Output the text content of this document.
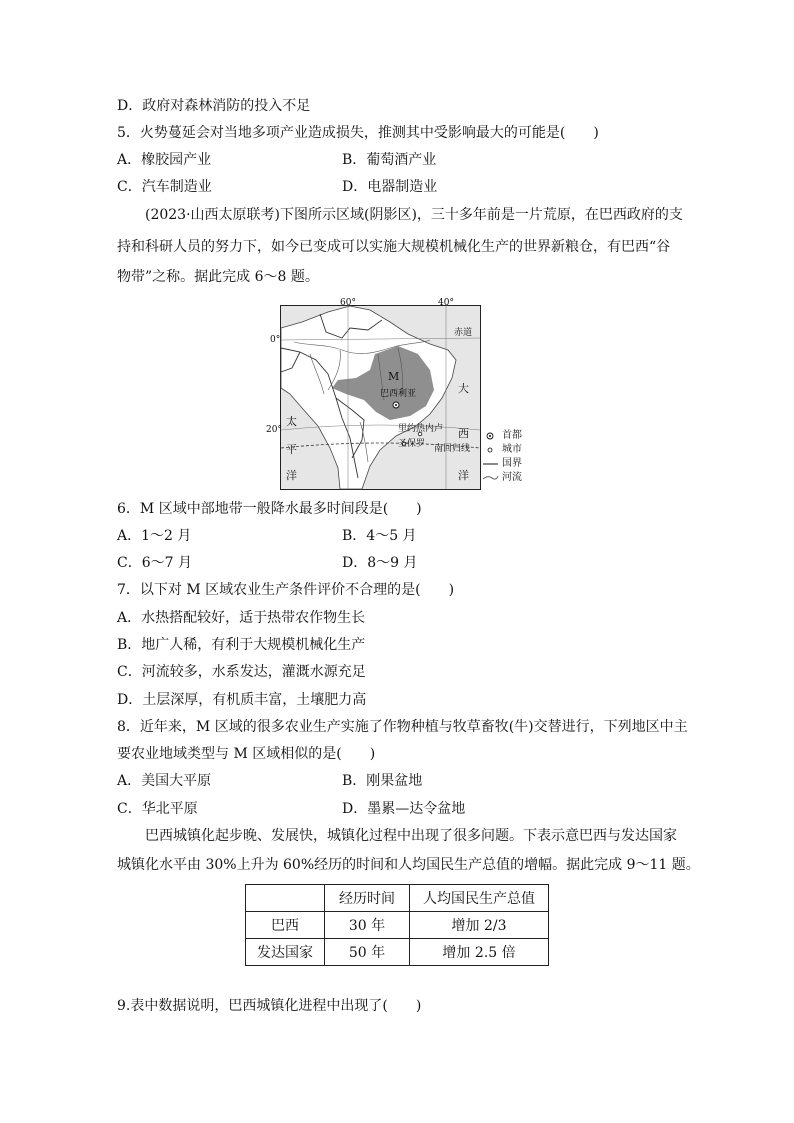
D．政府对森林消防的投入不足
5．火势蔓延会对当地多项产业造成损失，推测其中受影响最大的可能是(　　)
A．橡胶园产业	B．葡萄酒产业
C．汽车制造业	D．电器制造业
(2023·山西太原联考)下图所示区域(阴影区)，三十多年前是一片荒原，在巴西政府的支
持和科研人员的努力下，如今已变成可以实施大规模机械化生产的世界新粮仓，有巴西“谷
物带”之称。据此完成 6～8 题。
60°	40°
0°
20°
赤道
M
巴西利亚
里约热内卢
圣保罗 南回归线
大
西
洋
太
平
洋
首都
城市
国界
河流
6．M 区域中部地带一般降水最多时间段是(　　)
A．1～2 月	B．4～5 月
C．6～7 月	D．8～9 月
7．以下对 M 区域农业生产条件评价不合理的是(　　)
A．水热搭配较好，适于热带农作物生长
B．地广人稀，有利于大规模机械化生产
C．河流较多，水系发达，灌溉水源充足
D．土层深厚，有机质丰富，土壤肥力高
8．近年来，M 区域的很多农业生产实施了作物种植与牧草畜牧(牛)交替进行，下列地区中主
要农业地域类型与 M 区域相似的是(　　)
A．美国大平原	B．刚果盆地
C．华北平原	D．墨累—达令盆地
巴西城镇化起步晚、发展快，城镇化过程中出现了很多问题。下表示意巴西与发达国家
城镇化水平由 30%上升为 60%经历的时间和人均国民生产总值的增幅。据此完成 9～11 题。
	经历时间	人均国民生产总值
巴西	30 年	增加 2/3
发达国家	50 年	增加 2.5 倍
9.表中数据说明，巴西城镇化进程中出现了(　　)
